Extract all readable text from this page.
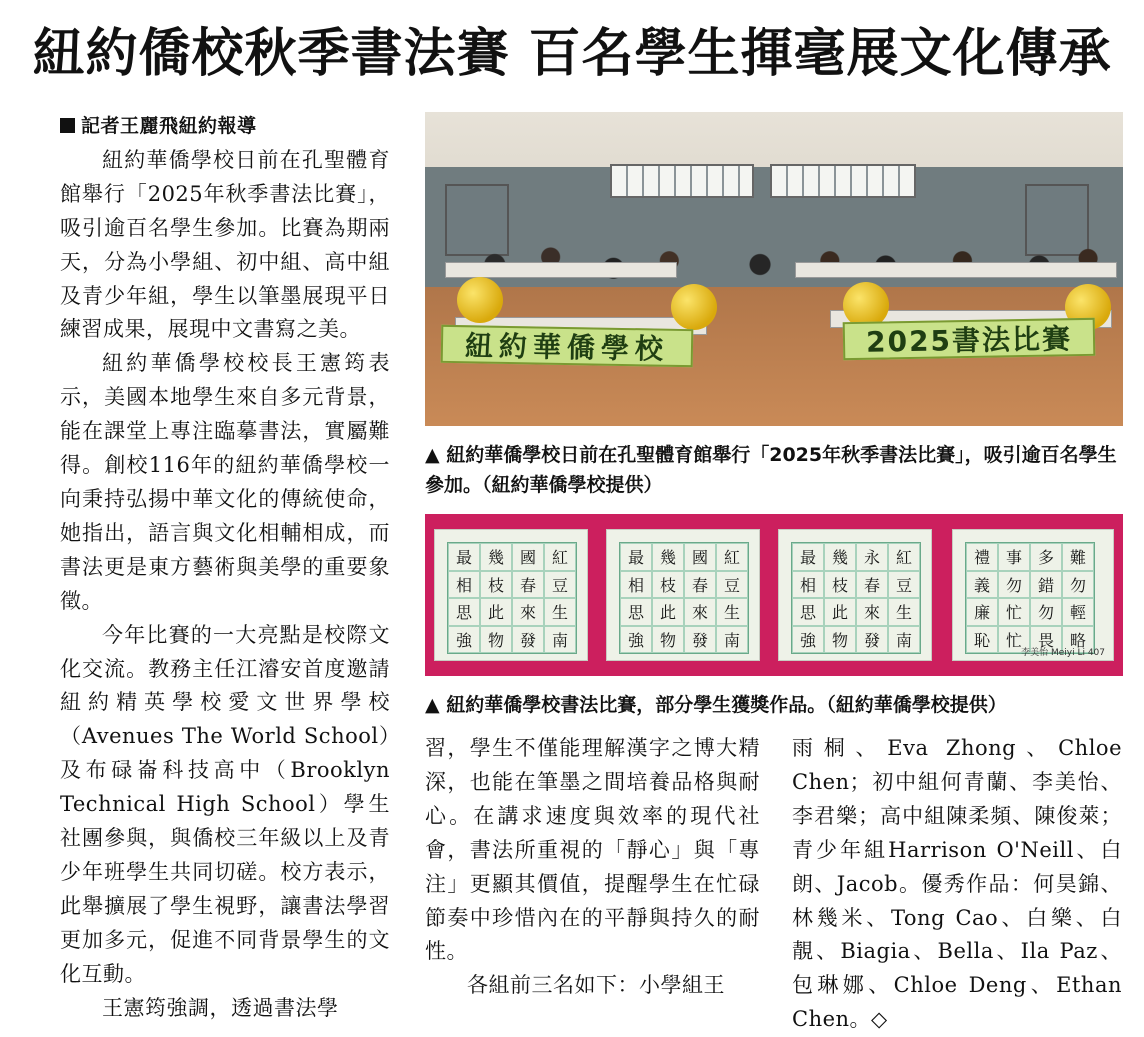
紐約僑校秋季書法賽 百名學生揮毫展文化傳承

記者王麗飛紐約報導

紐約華僑學校日前在孔聖體育館舉行「2025年秋季書法比賽」，吸引逾百名學生參加。比賽為期兩天，分為小學組、初中組、高中組及青少年組，學生以筆墨展現平日練習成果，展現中文書寫之美。

紐約華僑學校校長王憲筠表示，美國本地學生來自多元背景，能在課堂上專注臨摹書法，實屬難得。創校116年的紐約華僑學校一向秉持弘揚中華文化的傳統使命，她指出，語言與文化相輔相成，而書法更是東方藝術與美學的重要象徵。

今年比賽的一大亮點是校際文化交流。教務主任江濬安首度邀請紐約精英學校愛文世界學校（Avenues The World School）及布碌崙科技高中（Brooklyn Technical High School）學生社團參與，與僑校三年級以上及青少年班學生共同切磋。校方表示，此舉擴展了學生視野，讓書法學習更加多元，促進不同背景學生的文化互動。

王憲筠強調，透過書法學

紐約華僑學校	2025書法比賽

▲ 紐約華僑學校日前在孔聖體育館舉行「2025年秋季書法比賽」，吸引逾百名學生參加。（紐約華僑學校提供）

最 幾 國 紅
相 枝 春 豆
思 此 來 生
強 物 發 南
最 幾 國 紅
相 枝 春 豆
思 此 來 生
強 物 發 南
最 幾 永 紅
相 枝 春 豆
思 此 來 生
強 物 發 南
禮 事 多 難
義 勿 錯 勿
廉 忙 勿 輕
恥 忙 畏 略
李美怡 Meiyi Li 407

▲ 紐約華僑學校書法比賽，部分學生獲獎作品。（紐約華僑學校提供）

習，學生不僅能理解漢字之博大精深，也能在筆墨之間培養品格與耐心。在講求速度與效率的現代社會，書法所重視的「靜心」與「專注」更顯其價值，提醒學生在忙碌節奏中珍惜內在的平靜與持久的耐性。

各組前三名如下：小學組王

雨桐、Eva Zhong、Chloe Chen；初中組何青蘭、李美怡、李君樂；高中組陳柔頻、陳俊萊；青少年組Harrison O'Neill、白朗、Jacob。優秀作品：何昊錦、林幾米、Tong Cao、白樂、白靚、Biagia、Bella、Ila Paz、包琳娜、Chloe Deng、Ethan Chen。◇
